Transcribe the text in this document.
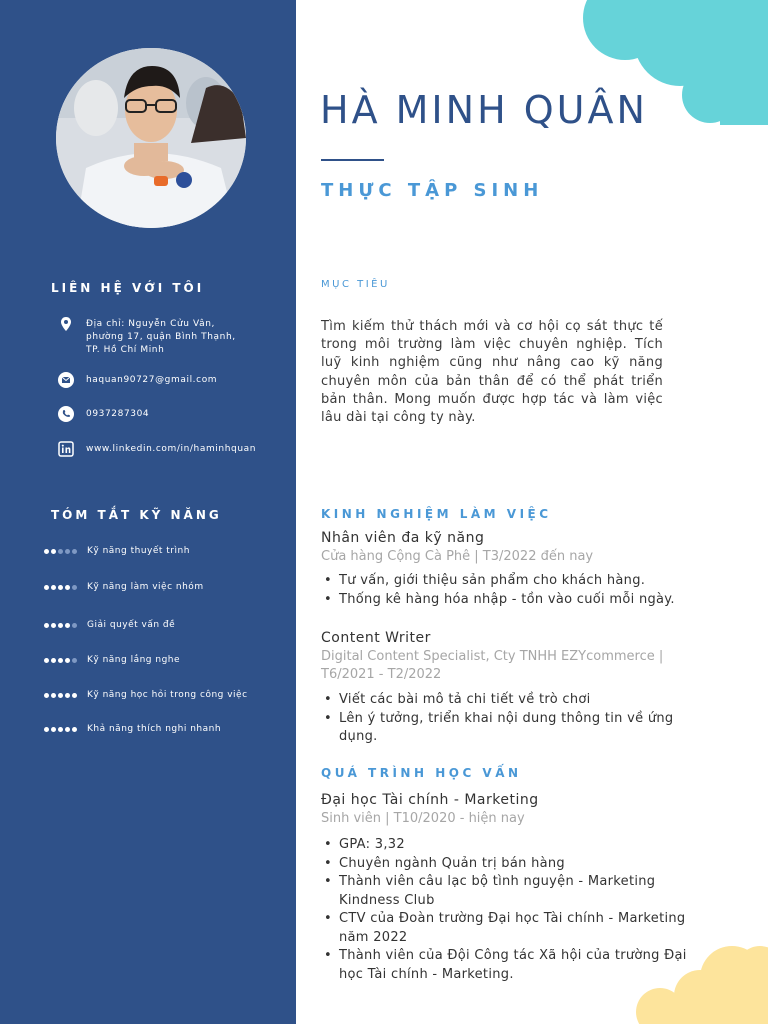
LIÊN HỆ VỚI TÔI
Địa chỉ: Nguyễn Cửu Vân, phường 17, quận Bình Thạnh, TP. Hồ Chí Minh
haquan90727@gmail.com
0937287304
www.linkedin.com/in/haminhquan
TÓM TẮT KỸ NĂNG
Kỹ năng thuyết trình
Kỹ năng làm việc nhóm
Giải quyết vấn đề
Kỹ năng lắng nghe
Kỹ năng học hỏi trong công việc
Khả năng thích nghi nhanh
HÀ MINH QUÂN
THỰC TẬP SINH
MỤC TIÊU

Tìm kiếm thử thách mới và cơ hội cọ sát thực tế trong môi trường làm việc chuyên nghiệp. Tích luỹ kinh nghiệm cũng như nâng cao kỹ năng chuyên môn của bản thân để có thể phát triển bản thân. Mong muốn được hợp tác và làm việc lâu dài tại công ty này.

KINH NGHIỆM LÀM VIỆC
Nhân viên đa kỹ năng

Cửa hàng Cộng Cà Phê | T3/2022 đến nay

• Tư vấn, giới thiệu sản phẩm cho khách hàng.
• Thống kê hàng hóa nhập - tồn vào cuối mỗi ngày.
Content Writer

Digital Content Specialist, Cty TNHH EZYcommerce | T6/2021 - T2/2022

• Viết các bài mô tả chi tiết về trò chơi
• Lên ý tưởng, triển khai nội dung thông tin về ứng dụng.
QUÁ TRÌNH HỌC VẤN
Đại học Tài chính - Marketing

Sinh viên | T10/2020 - hiện nay

• GPA: 3,32
• Chuyên ngành Quản trị bán hàng
• Thành viên câu lạc bộ tình nguyện - Marketing Kindness Club
• CTV của Đoàn trường Đại học Tài chính - Marketing năm 2022
• Thành viên của Đội Công tác Xã hội của trường Đại học Tài chính - Marketing.
